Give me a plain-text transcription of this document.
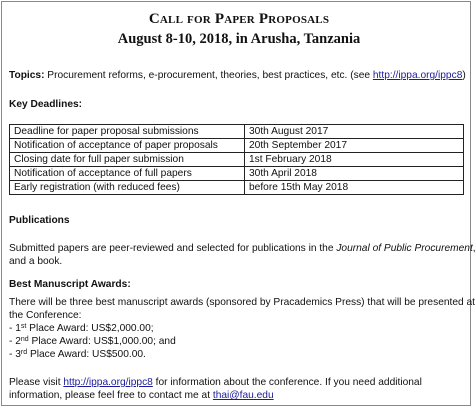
Call for Paper Proposals
August 8-10, 2018, in Arusha, Tanzania
Topics: Procurement reforms, e-procurement, theories, best practices, etc. (see http://ippa.org/ippc8)
Key Deadlines:
Deadline for paper proposal submissions	30th August 2017
Notification of acceptance of paper proposals	20th September 2017
Closing date for full paper submission	1st February 2018
Notification of acceptance of full papers	30th April 2018
Early registration (with reduced fees)	before 15th May 2018
Publications
Submitted papers are peer-reviewed and selected for publications in the Journal of Public Procurement,
and a book.
Best Manuscript Awards:
There will be three best manuscript awards (sponsored by Pracademics Press) that will be presented at
the Conference:
- 1st Place Award: US$2,000.00;
- 2nd Place Award: US$1,000.00; and
- 3rd Place Award: US$500.00.
Please visit http://ippa.org/ippc8 for information about the conference. If you need additional
information, please feel free to contact me at thai@fau.edu
